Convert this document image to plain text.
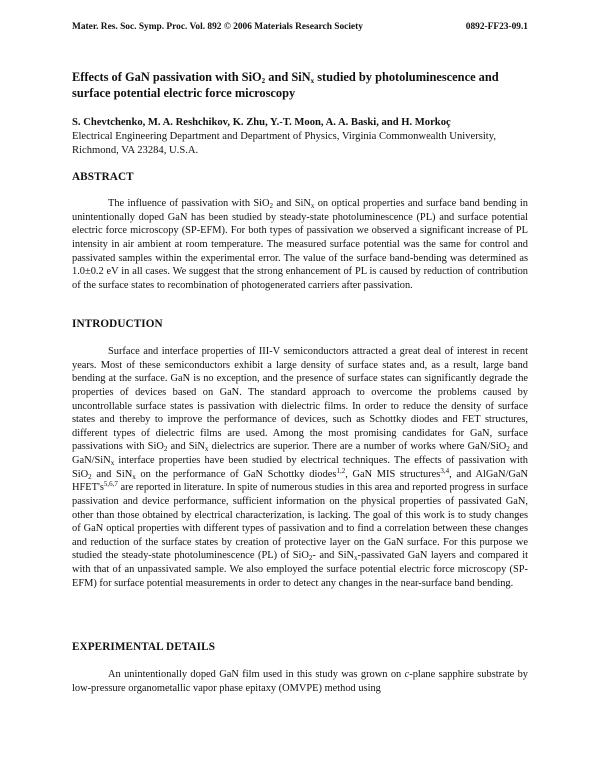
Mater. Res. Soc. Symp. Proc. Vol. 892 © 2006 Materials Research Society	0892-FF23-09.1
Effects of GaN passivation with SiO$_2$ and SiN$_x$ studied by photoluminescence and surface potential electric force microscopy
S. Chevtchenko, M. A. Reshchikov, K. Zhu, Y.-T. Moon, A. A. Baski, and H. Morkoç
Electrical Engineering Department and Department of Physics, Virginia Commonwealth University, Richmond, VA 23284, U.S.A.
ABSTRACT
The influence of passivation with SiO$_2$ and SiN$_x$ on optical properties and surface band bending in unintentionally doped GaN has been studied by steady-state photoluminescence (PL) and surface potential electric force microscopy (SP-EFM). For both types of passivation we observed a significant increase of PL intensity in air ambient at room temperature. The measured surface potential was the same for control and passivated samples within the experimental error. The value of the surface band-bending was determined as 1.0±0.2 eV in all cases. We suggest that the strong enhancement of PL is caused by reduction of contribution of the surface states to recombination of photogenerated carriers after passivation.
INTRODUCTION
Surface and interface properties of III-V semiconductors attracted a great deal of interest in recent years. Most of these semiconductors exhibit a large density of surface states and, as a result, large band bending at the surface. GaN is no exception, and the presence of surface states can significantly degrade the properties of devices based on GaN. The standard approach to overcome the problems caused by uncontrollable surface states is passivation with dielectric films. In order to reduce the density of surface states and thereby to improve the performance of devices, such as Schottky diodes and FET structures, different types of dielectric films are used. Among the most promising candidates for GaN, surface passivations with SiO$_2$ and SiN$_x$ dielectrics are superior. There are a number of works where GaN/SiO$_2$ and GaN/SiN$_x$ interface properties have been studied by electrical techniques. The effects of passivation with SiO$_2$ and SiN$_x$ on the performance of GaN Schottky diodes$^{1,2}$, GaN MIS structures$^{3,4}$, and AlGaN/GaN $HFET's^{5,6,7}$ are reported in literature. In spite of numerous studies in this area and reported progress in surface passivation and device performance, sufficient information on the physical properties of passivated GaN, other than those obtained by electrical characterization, is lacking. The goal of this work is to study changes of GaN optical properties with different types of passivation and to find a correlation between these changes and reduction of the surface states by creation of protective layer on the GaN surface. For this purpose we studied the steady-state photoluminescence (PL) of SiO$_2$- and SiN$_x$-passivated GaN layers and compared it with that of an unpassivated sample. We also employed the surface potential electric force microscopy (SP-EFM) for surface potential measurements in order to detect any changes in the near-surface band bending.
EXPERIMENTAL DETAILS
An unintentionally doped GaN film used in this study was grown on c-plane sapphire substrate by low-pressure organometallic vapor phase epitaxy (OMVPE) method using
